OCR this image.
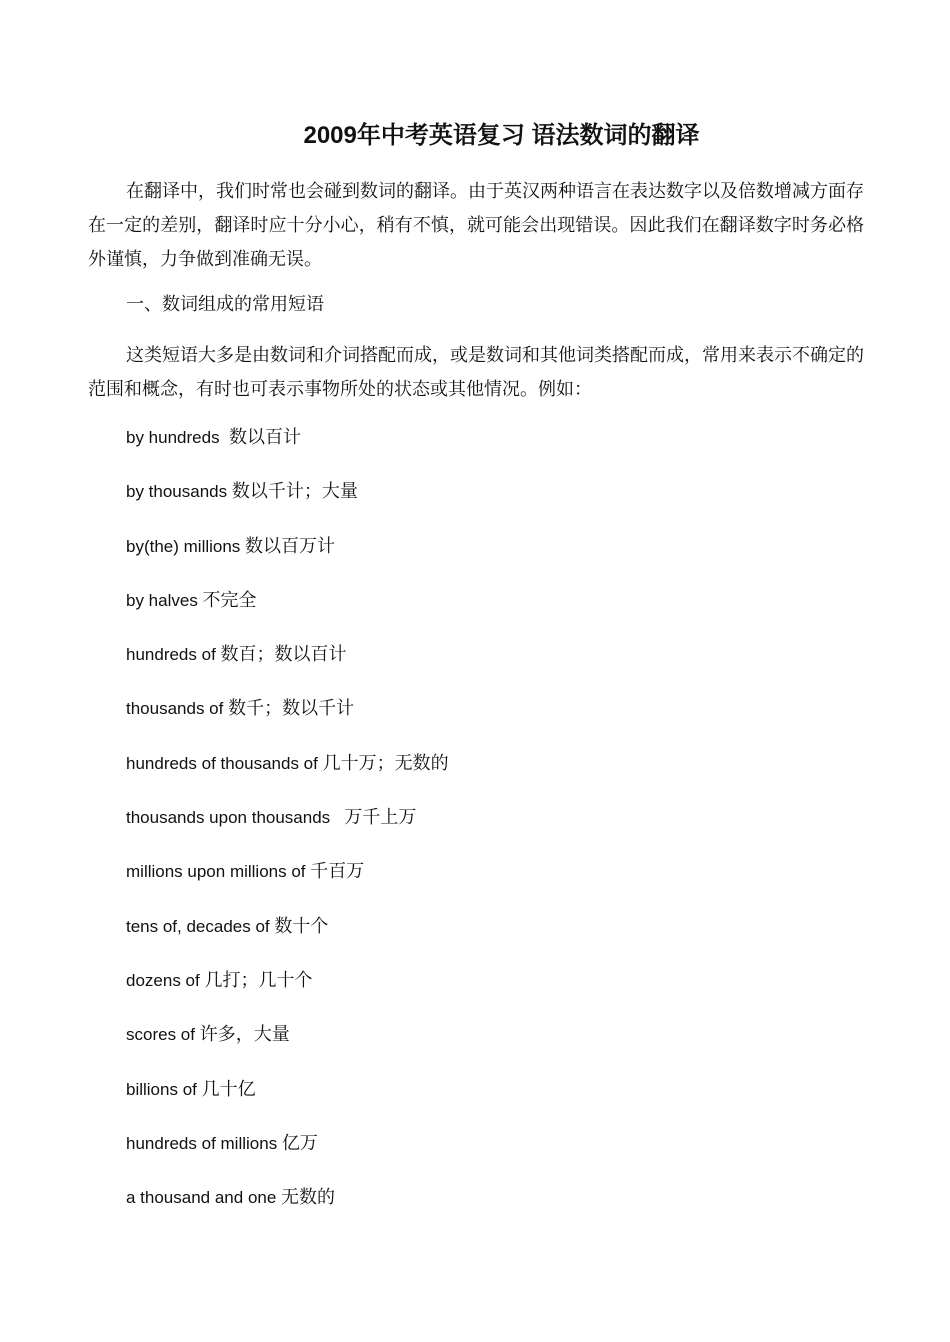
2009年中考英语复习 语法数词的翻译
在翻译中，我们时常也会碰到数词的翻译。由于英汉两种语言在表达数字以及倍数增减方面存在一定的差别，翻译时应十分小心，稍有不慎，就可能会出现错误。因此我们在翻译数字时务必格外谨慎，力争做到准确无误。
一、数词组成的常用短语
这类短语大多是由数词和介词搭配而成，或是数词和其他词类搭配而成，常用来表示不确定的范围和概念，有时也可表示事物所处的状态或其他情况。例如：
by hundreds  数以百计
by thousands 数以千计；大量
by(the) millions 数以百万计
by halves 不完全
hundreds of 数百；数以百计
thousands of 数千；数以千计
hundreds of thousands of 几十万；无数的
thousands upon thousands   万千上万
millions upon millions of 千百万
tens of, decades of 数十个
dozens of 几打；几十个
scores of 许多，大量
billions of 几十亿
hundreds of millions 亿万
a thousand and one 无数的
